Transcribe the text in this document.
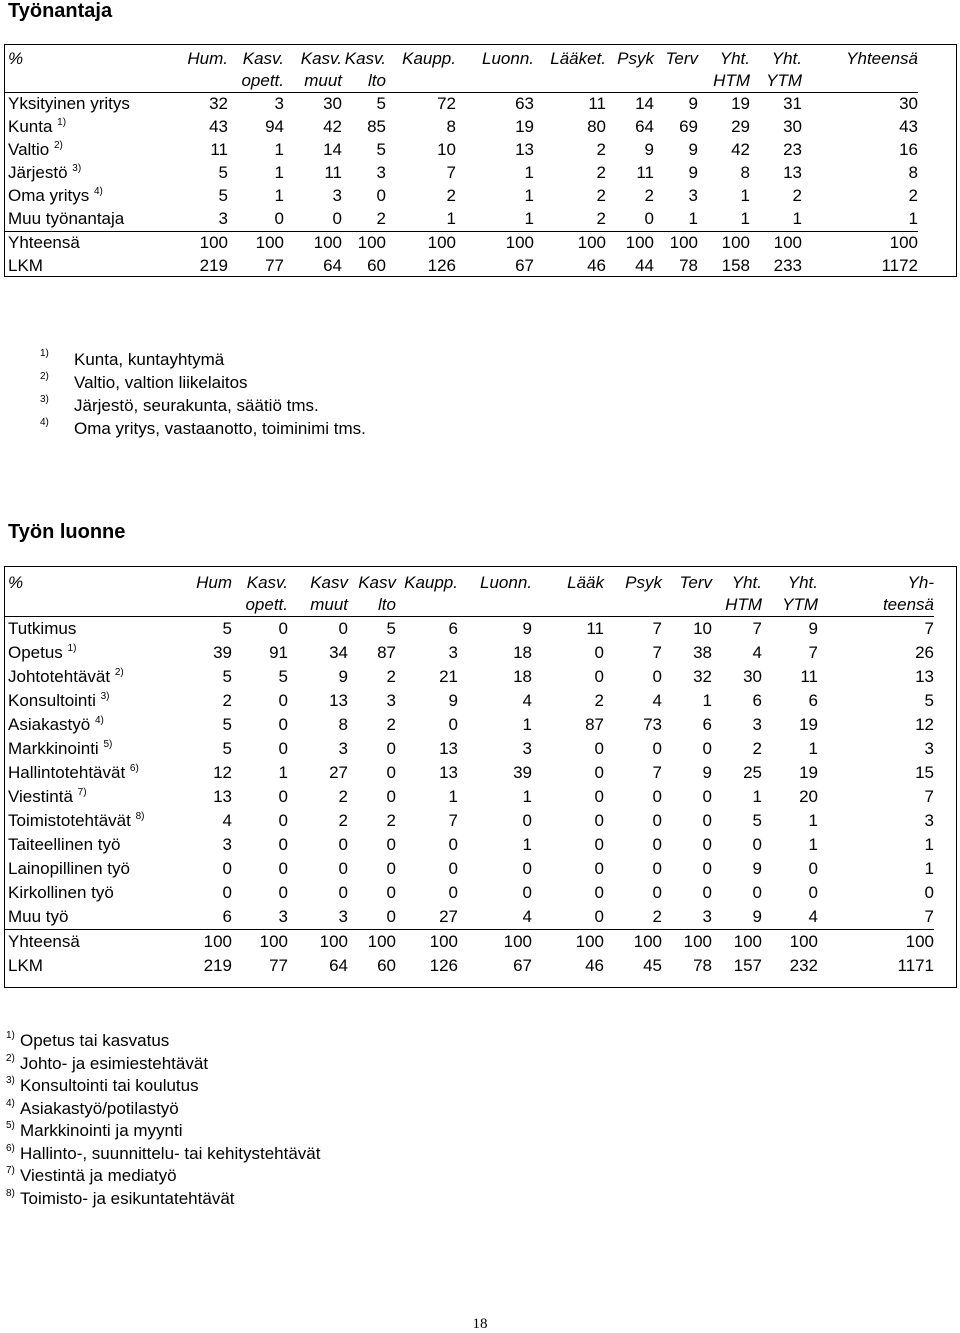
Työnantaja
%	Hum.	Kasv.	Kasv.	Kasv.	Kaupp.	Luonn.	Lääket.	Psyk	Terv	Yht.	Yht.	Yhteensä
		opett.	muut	lto						HTM	YTM	
Yksityinen yritys	32	3	30	5	72	63	11	14	9	19	31	30
Kunta $^{1)}$	43	94	42	85	8	19	80	64	69	29	30	43
Valtio $^{2)}$	11	1	14	5	10	13	2	9	9	42	23	16
Järjestö $^{3)}$	5	1	11	3	7	1	2	11	9	8	13	8
Oma yritys $^{4)}$	5	1	3	0	2	1	2	2	3	1	2	2
Muu työnantaja	3	0	0	2	1	1	2	0	1	1	1	1
Yhteensä	100	100	100	100	100	100	100	100	100	100	100	100
LKM	219	77	64	60	126	67	46	44	78	158	233	1172
1)	Kunta, kuntayhtymä
2)	Valtio, valtion liikelaitos
3)	Järjestö, seurakunta, säätiö tms.
4)	Oma yritys, vastaanotto, toiminimi tms.
Työn luonne
%	Hum	Kasv.	Kasv	Kasv	Kaupp.	Luonn.	Lääk	Psyk	Terv	Yht.	Yht.	Yh-
		opett.	muut	lto						HTM	YTM	teensä
Tutkimus	5	0	0	5	6	9	11	7	10	7	9	7
Opetus $^{1)}$	39	91	34	87	3	18	0	7	38	4	7	26
Johtotehtävät $^{2)}$	5	5	9	2	21	18	0	0	32	30	11	13
Konsultointi $^{3)}$	2	0	13	3	9	4	2	4	1	6	6	5
Asiakastyö $^{4)}$	5	0	8	2	0	1	87	73	6	3	19	12
Markkinointi $^{5)}$	5	0	3	0	13	3	0	0	0	2	1	3
Hallintotehtävät $^{6)}$	12	1	27	0	13	39	0	7	9	25	19	15
Viestintä $^{7)}$	13	0	2	0	1	1	0	0	0	1	20	7
Toimistotehtävät $^{8)}$	4	0	2	2	7	0	0	0	0	5	1	3
Taiteellinen työ	3	0	0	0	0	1	0	0	0	0	1	1
Lainopillinen työ	0	0	0	0	0	0	0	0	0	9	0	1
Kirkollinen työ	0	0	0	0	0	0	0	0	0	0	0	0
Muu työ	6	3	3	0	27	4	0	2	3	9	4	7
Yhteensä	100	100	100	100	100	100	100	100	100	100	100	100
LKM	219	77	64	60	126	67	46	45	78	157	232	1171
1) Opetus tai kasvatus
2) Johto- ja esimiestehtävät
3) Konsultointi tai koulutus
4) Asiakastyö/potilastyö
5) Markkinointi ja myynti
6) Hallinto-, suunnittelu- tai kehitystehtävät
7) Viestintä ja mediatyö
8) Toimisto- ja esikuntatehtävät
18
